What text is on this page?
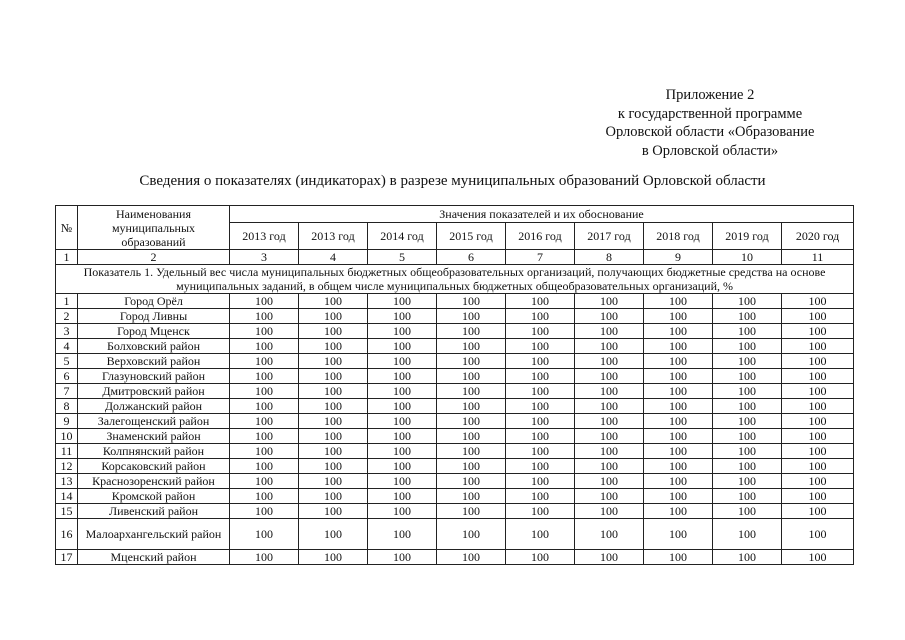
Приложение 2
к государственной программе
Орловской области «Образование
в Орловской области»
Сведения о показателях (индикаторах) в разрезе муниципальных образований Орловской области
№	Наименования муниципальных образований	Значения показателей и их обоснование								
		2013 год	2013 год	2014 год	2015 год	2016 год	2017 год	2018 год	2019 год	2020 год
1	2	3	4	5	6	7	8	9	10	11
Показатель 1. Удельный вес числа муниципальных бюджетных общеобразовательных организаций, получающих бюджетные средства на основе муниципальных заданий, в общем числе муниципальных бюджетных общеобразовательных организаций, %										
1	Город Орёл	100	100	100	100	100	100	100	100	100
2	Город Ливны	100	100	100	100	100	100	100	100	100
3	Город Мценск	100	100	100	100	100	100	100	100	100
4	Болховский район	100	100	100	100	100	100	100	100	100
5	Верховский район	100	100	100	100	100	100	100	100	100
6	Глазуновский район	100	100	100	100	100	100	100	100	100
7	Дмитровский район	100	100	100	100	100	100	100	100	100
8	Должанский район	100	100	100	100	100	100	100	100	100
9	Залегощенский район	100	100	100	100	100	100	100	100	100
10	Знаменский район	100	100	100	100	100	100	100	100	100
11	Колпнянский район	100	100	100	100	100	100	100	100	100
12	Корсаковский район	100	100	100	100	100	100	100	100	100
13	Краснозоренский район	100	100	100	100	100	100	100	100	100
14	Кромской район	100	100	100	100	100	100	100	100	100
15	Ливенский район	100	100	100	100	100	100	100	100	100
16	Малоархангельский район	100	100	100	100	100	100	100	100	100
17	Мценский район	100	100	100	100	100	100	100	100	100
